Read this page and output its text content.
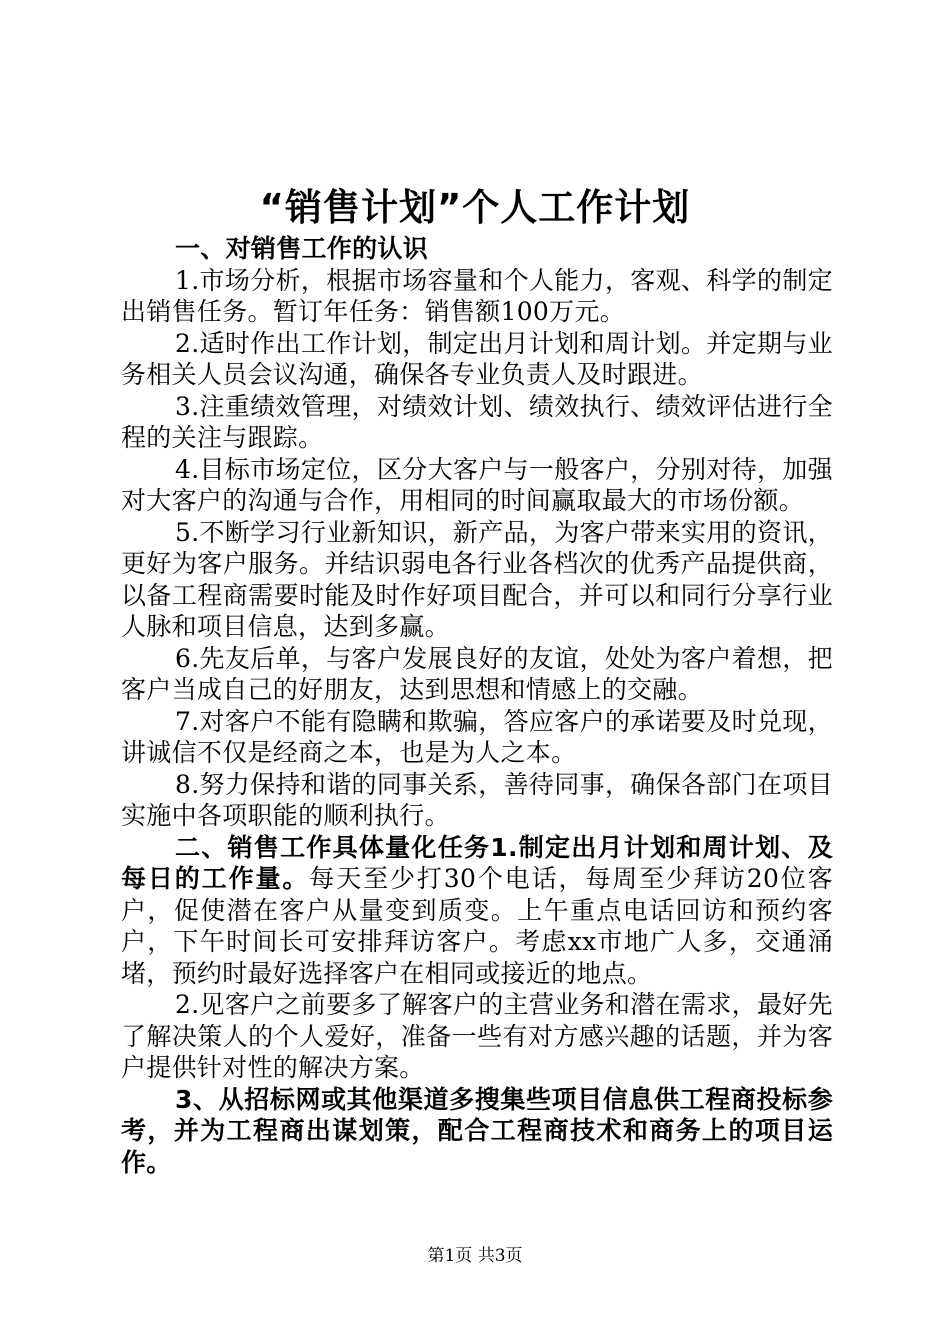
“销售计划”个人工作计划

一、对销售工作的认识

1.市场分析，根据市场容量和个人能力，客观、科学的制定出销售任务。暂订年任务：销售额100万元。

2.适时作出工作计划，制定出月计划和周计划。并定期与业务相关人员会议沟通，确保各专业负责人及时跟进。

3.注重绩效管理，对绩效计划、绩效执行、绩效评估进行全程的关注与跟踪。

4.目标市场定位，区分大客户与一般客户，分别对待，加强对大客户的沟通与合作，用相同的时间赢取最大的市场份额。

5.不断学习行业新知识，新产品，为客户带来实用的资讯，更好为客户服务。并结识弱电各行业各档次的优秀产品提供商，以备工程商需要时能及时作好项目配合，并可以和同行分享行业人脉和项目信息，达到多赢。

6.先友后单，与客户发展良好的友谊，处处为客户着想，把客户当成自己的好朋友，达到思想和情感上的交融。

7.对客户不能有隐瞒和欺骗，答应客户的承诺要及时兑现，讲诚信不仅是经商之本，也是为人之本。

8.努力保持和谐的同事关系，善待同事，确保各部门在项目实施中各项职能的顺利执行。

二、销售工作具体量化任务1.制定出月计划和周计划、及每日的工作量。每天至少打30个电话，每周至少拜访20位客户，促使潜在客户从量变到质变。上午重点电话回访和预约客户，下午时间长可安排拜访客户。考虑xx市地广人多，交通涌堵，预约时最好选择客户在相同或接近的地点。

2.见客户之前要多了解客户的主营业务和潜在需求，最好先了解决策人的个人爱好，准备一些有对方感兴趣的话题，并为客户提供针对性的解决方案。

3、从招标网或其他渠道多搜集些项目信息供工程商投标参考，并为工程商出谋划策，配合工程商技术和商务上的项目运作。

第1页 共3页
